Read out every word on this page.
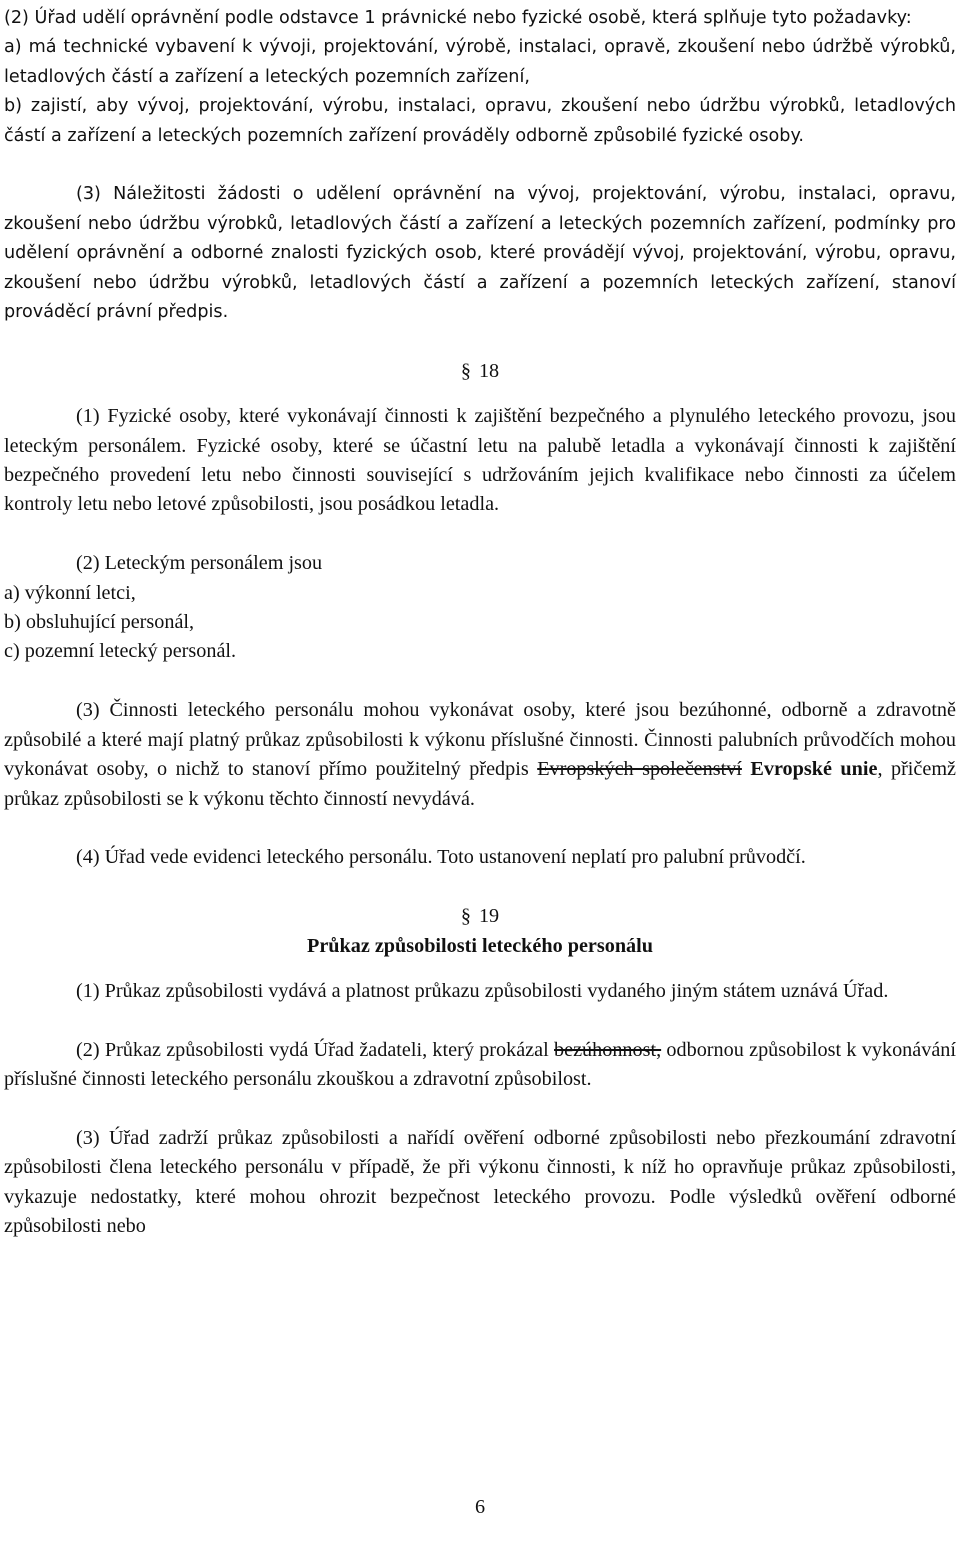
(2) Úřad udělí oprávnění podle odstavce 1 právnické nebo fyzické osobě, která splňuje tyto požadavky:

a) má technické vybavení k vývoji, projektování, výrobě, instalaci, opravě, zkoušení nebo údržbě výrobků, letadlových částí a zařízení a leteckých pozemních zařízení,

b) zajistí, aby vývoj, projektování, výrobu, instalaci, opravu, zkoušení nebo údržbu výrobků, letadlových částí a zařízení a leteckých pozemních zařízení prováděly odborně způsobilé fyzické osoby.

(3) Náležitosti žádosti o udělení oprávnění na vývoj, projektování, výrobu, instalaci, opravu, zkoušení nebo údržbu výrobků, letadlových částí a zařízení a leteckých pozemních zařízení, podmínky pro udělení oprávnění a odborné znalosti fyzických osob, které provádějí vývoj, projektování, výrobu, opravu, zkoušení nebo údržbu výrobků, letadlových částí a zařízení a pozemních leteckých zařízení, stanoví prováděcí právní předpis.

§ 18

(1) Fyzické osoby, které vykonávají činnosti k zajištění bezpečného a plynulého leteckého provozu, jsou leteckým personálem. Fyzické osoby, které se účastní letu na palubě letadla a vykonávají činnosti k zajištění bezpečného provedení letu nebo činnosti související s udržováním jejich kvalifikace nebo činnosti za účelem kontroly letu nebo letové způsobilosti, jsou posádkou letadla.

(2) Leteckým personálem jsou

a) výkonní letci,

b) obsluhující personál,

c) pozemní letecký personál.

(3) Činnosti leteckého personálu mohou vykonávat osoby, které jsou bezúhonné, odborně a zdravotně způsobilé a které mají platný průkaz způsobilosti k výkonu příslušné činnosti. Činnosti palubních průvodčích mohou vykonávat osoby, o nichž to stanoví přímo použitelný předpis Evropských společenství Evropské unie, přičemž průkaz způsobilosti se k výkonu těchto činností nevydává.

(4) Úřad vede evidenci leteckého personálu. Toto ustanovení neplatí pro palubní průvodčí.

§ 19

Průkaz způsobilosti leteckého personálu

(1) Průkaz způsobilosti vydává a platnost průkazu způsobilosti vydaného jiným státem uznává Úřad.

(2) Průkaz způsobilosti vydá Úřad žadateli, který prokázal bezúhonnost, odbornou způsobilost k vykonávání příslušné činnosti leteckého personálu zkouškou a zdravotní způsobilost.

(3) Úřad zadrží průkaz způsobilosti a nařídí ověření odborné způsobilosti nebo přezkoumání zdravotní způsobilosti člena leteckého personálu v případě, že při výkonu činnosti, k níž ho opravňuje průkaz způsobilosti, vykazuje nedostatky, které mohou ohrozit bezpečnost leteckého provozu. Podle výsledků ověření odborné způsobilosti nebo

6
